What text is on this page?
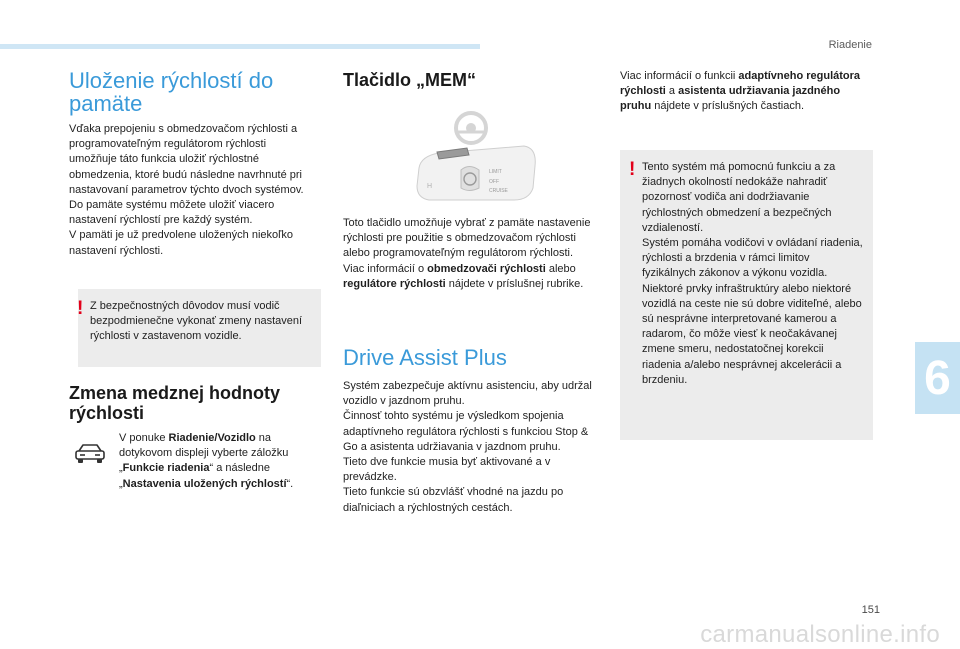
Riadenie
6
151
carmanualsonline.info
Uloženie rýchlostí do pamäte

Vďaka prepojeniu s obmedzovačom rýchlosti a programovateľným regulátorom rýchlosti umožňuje táto funkcia uložiť rýchlostné obmedzenia, ktoré budú následne navrhnuté pri nastavovaní parametrov týchto dvoch systémov.

Do pamäte systému môžete uložiť viacero nastavení rýchlostí pre každý systém.

V pamäti je už predvolene uložených niekoľko nastavení rýchlosti.

! Z bezpečnostných dôvodov musí vodič bezpodmienečne vykonať zmeny nastavení rýchlosti v zastavenom vozidle.

Zmena medznej hodnoty rýchlosti

V ponuke Riadenie/Vozidlo na dotykovom displeji vyberte záložku „Funkcie riadenia“ a následne „Nastavenia uložených rýchlostí“.

Tlačidlo „MEM“
H
MEM
LIMIT
OFF
CRUISE

Toto tlačidlo umožňuje vybrať z pamäte nastavenie rýchlosti pre použitie s obmedzovačom rýchlosti alebo programovateľným regulátorom rýchlosti.

Viac informácií o obmedzovači rýchlosti alebo regulátore rýchlosti nájdete v príslušnej rubrike.

Drive Assist Plus

Systém zabezpečuje aktívnu asistenciu, aby udržal vozidlo v jazdnom pruhu.

Činnosť tohto systému je výsledkom spojenia adaptívneho regulátora rýchlosti s funkciou Stop & Go a asistenta udržiavania v jazdnom pruhu.

Tieto dve funkcie musia byť aktivované a v prevádzke.

Tieto funkcie sú obzvlášť vhodné na jazdu po diaľniciach a rýchlostných cestách.

Viac informácií o funkcii adaptívneho regulátora rýchlosti a asistenta udržiavania jazdného pruhu nájdete v príslušných častiach.

! Tento systém má pomocnú funkciu a za žiadnych okolností nedokáže nahradiť pozornosť vodiča ani dodržiavanie rýchlostných obmedzení a bezpečných vzdialeností.

Systém pomáha vodičovi v ovládaní riadenia, rýchlosti a brzdenia v rámci limitov fyzikálnych zákonov a výkonu vozidla. Niektoré prvky infraštruktúry alebo niektoré vozidlá na ceste nie sú dobre viditeľné, alebo sú nesprávne interpretované kamerou a radarom, čo môže viesť k neočakávanej zmene smeru, nedostatočnej korekcii riadenia a/alebo nesprávnej akcelerácii a brzdeniu.
